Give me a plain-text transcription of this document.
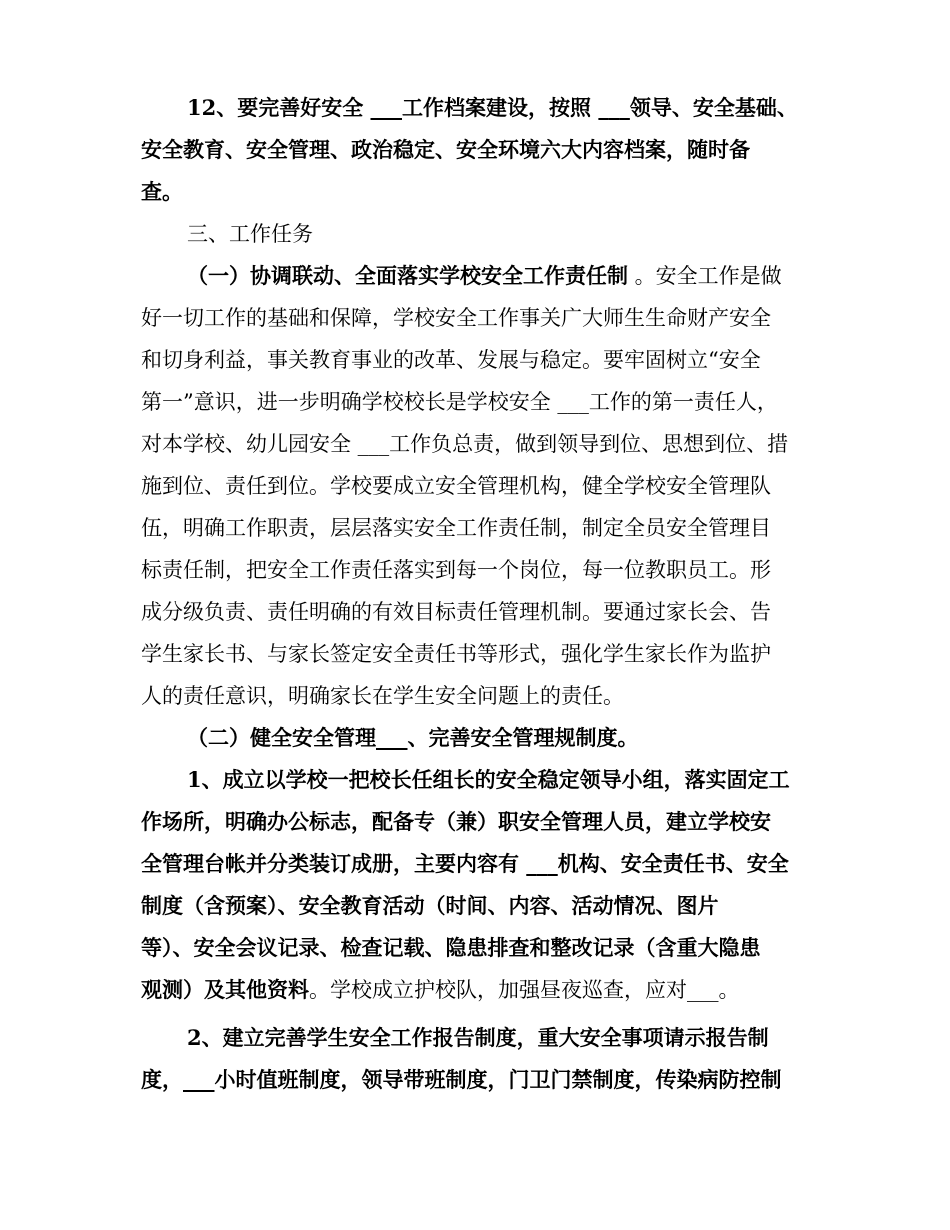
12、要完善好安全 ___工作档案建设，按照 ___领导、安全基础、
安全教育、安全管理、政治稳定、安全环境六大内容档案，随时备
查。
三、工作任务
（一）协调联动、全面落实学校安全工作责任制 。安全工作是做
好一切工作的基础和保障，学校安全工作事关广大师生生命财产安全
和切身利益，事关教育事业的改革、发展与稳定。要牢固树立“安全
第一”意识，进一步明确学校校长是学校安全 ___工作的第一责任人，
对本学校、幼儿园安全 ___工作负总责，做到领导到位、思想到位、措
施到位、责任到位。学校要成立安全管理机构，健全学校安全管理队
伍，明确工作职责，层层落实安全工作责任制，制定全员安全管理目
标责任制，把安全工作责任落实到每一个岗位，每一位教职员工。形
成分级负责、责任明确的有效目标责任管理机制。要通过家长会、告
学生家长书、与家长签定安全责任书等形式，强化学生家长作为监护
人的责任意识，明确家长在学生安全问题上的责任。
（二）健全安全管理___、完善安全管理规制度。
1、成立以学校一把校长任组长的安全稳定领导小组，落实固定工
作场所，明确办公标志，配备专（兼）职安全管理人员，建立学校安
全管理台帐并分类装订成册，主要内容有 ___机构、安全责任书、安全
制度（含预案）、安全教育活动（时间、内容、活动情况、图片
等）、安全会议记录、检查记载、隐患排查和整改记录（含重大隐患
观测）及其他资料。学校成立护校队，加强昼夜巡查，应对___。
2、建立完善学生安全工作报告制度，重大安全事项请示报告制
度，___小时值班制度，领导带班制度，门卫门禁制度，传染病防控制
